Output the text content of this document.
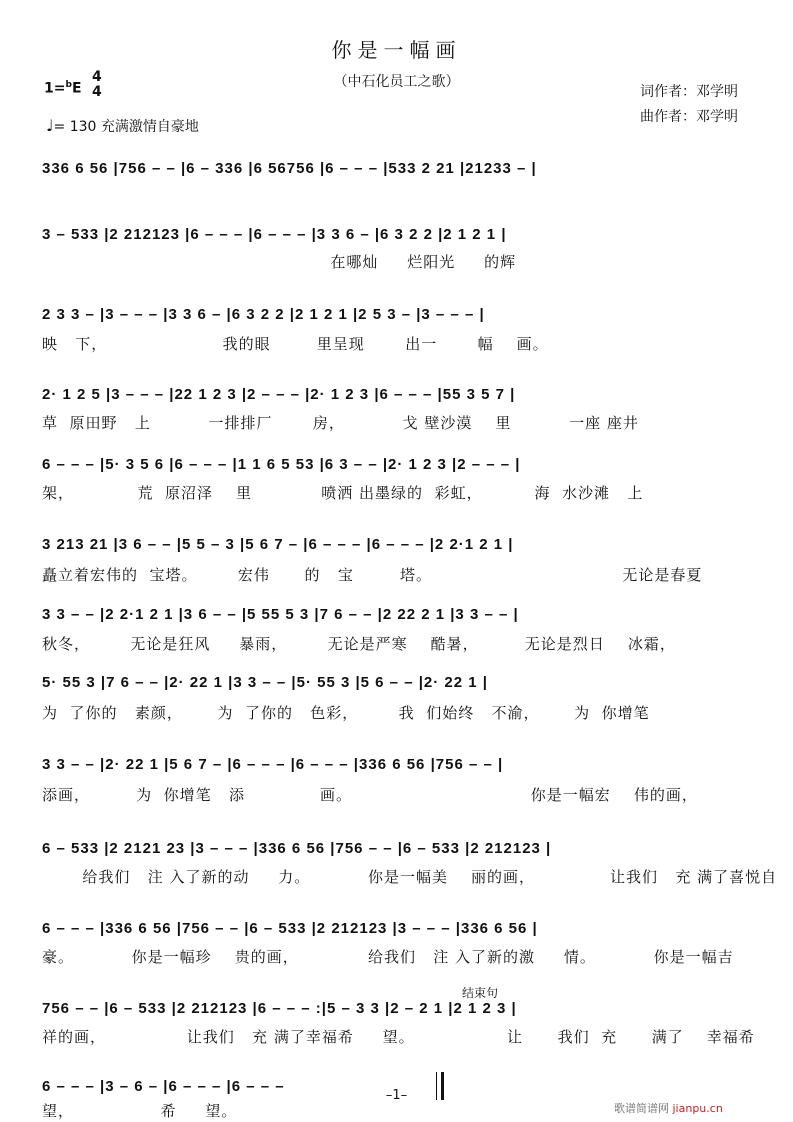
你是一幅画
（中石化员工之歌）
1=$^b$E
4
4
♩= 130 充满激情自豪地
词作者：邓学明
曲作者：邓学明
结束句
336 6 56 |756 – – |6 – 336 |6 56756 |6 – – – |533 2 21 |21233 – |
3 – 533 |2 212123 |6 – – – |6 – – – |3 3 6 – |6 3 2 2 |2 1 2 1 |
在哪灿     烂阳光     的辉
2 3 3 – |3 – – – |3 3 6 – |6 3 2 2 |2 1 2 1 |2 5 3 – |3 – – – |
映   下，                    我的眼        里呈现       出一       幅    画。
2· 1 2 5 |3 – – – |22 1 2 3 |2 – – – |2· 1 2 3 |6 – – – |55 3 5 7 |
草  原田野   上          一排排厂       房，          戈 壁沙漠    里          一座 座井
6 – – – |5· 3 5 6 |6 – – – |1 1 6 5 53 |6 3 – – |2· 1 2 3 |2 – – – |
架，           荒  原沼泽    里            喷洒 出墨绿的  彩虹，         海  水沙滩   上
3 213 21 |3 6 – – |5 5 – 3 |5 6 7 – |6 – – – |6 – – – |2 2·1 2 1 |
矗立着宏伟的  宝塔。       宏伟      的   宝        塔。                                 无论是春夏
3 3 – – |2 2·1 2 1 |3 6 – – |5 55 5 3 |7 6 – – |2 22 2 1 |3 3 – – |
秋冬，       无论是狂风     暴雨，       无论是严寒    酷暑，        无论是烈日    冰霜，
5· 55 3 |7 6 – – |2· 22 1 |3 3 – – |5· 55 3 |5 6 – – |2· 22 1 |
为  了你的   素颜，      为  了你的   色彩，       我  们始终   不渝，      为  你增笔
3 3 – – |2· 22 1 |5 6 7 – |6 – – – |6 – – – |336 6 56 |756 – – |
添画，        为  你增笔   添             画。                               你是一幅宏    伟的画，
6 – 533 |2 2121 23 |3 – – – |336 6 56 |756 – – |6 – 533 |2 212123 |
给我们   注 入了新的动     力。          你是一幅美    丽的画，             让我们   充 满了喜悦自
6 – – – |336 6 56 |756 – – |6 – 533 |2 212123 |3 – – – |336 6 56 |
豪。          你是一幅珍    贵的画，            给我们   注 入了新的激     情。          你是一幅吉
756 – – |6 – 533 |2 212123 |6 – – – :|5 – 3 3 |2 – 2 1 |2 1 2 3 |
祥的画，              让我们   充 满了幸福希     望。                让      我们  充      满了    幸福希
6 – – – |3 – 6 – |6 – – – |6 – – –
望，               希     望。
–1–
歌谱简谱网 jianpu.cn
